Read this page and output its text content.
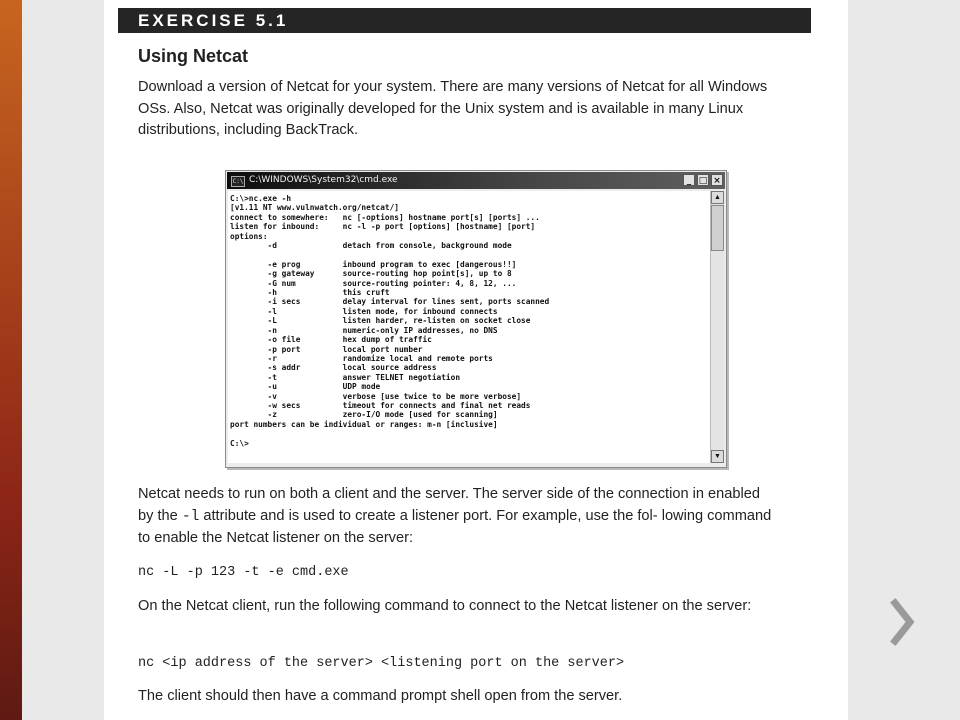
EXERCISE 5.1
Using Netcat

Download a version of Netcat for your system. There are many versions of Netcat for all Windows OSs. Also, Netcat was originally developed for the Unix system and is available in many Linux distributions, including BackTrack.

C:\ C:\WINDOWS\System32\cmd.exe	_ □ ×
C:\>nc.exe -h
[v1.11 NT www.vulnwatch.org/netcat/]
connect to somewhere:   nc [-options] hostname port[s] [ports] ...
listen for inbound:     nc -l -p port [options] [hostname] [port]
options:
-d              detach from console, background mode

-e prog         inbound program to exec [dangerous!!]
-g gateway      source-routing hop point[s], up to 8
-G num          source-routing pointer: 4, 8, 12, ...
-h              this cruft
-i secs         delay interval for lines sent, ports scanned
-l              listen mode, for inbound connects
-L              listen harder, re-listen on socket close
-n              numeric-only IP addresses, no DNS
-o file         hex dump of traffic
-p port         local port number
-r              randomize local and remote ports
-s addr         local source address
-t              answer TELNET negotiation
-u              UDP mode
-v              verbose [use twice to be more verbose]
-w secs         timeout for connects and final net reads
-z              zero-I/O mode [used for scanning]
port numbers can be individual or ranges: m-n [inclusive]

C:\>
▲
▼

Netcat needs to run on both a client and the server. The server side of the connection in enabled by the -l attribute and is used to create a listener port. For example, use the fol- lowing command to enable the Netcat listener on the server:

nc -L -p 123 -t -e cmd.exe

On the Netcat client, run the following command to connect to the Netcat listener on the server:

nc <ip address of the server> <listening port on the server>

The client should then have a command prompt shell open from the server.
